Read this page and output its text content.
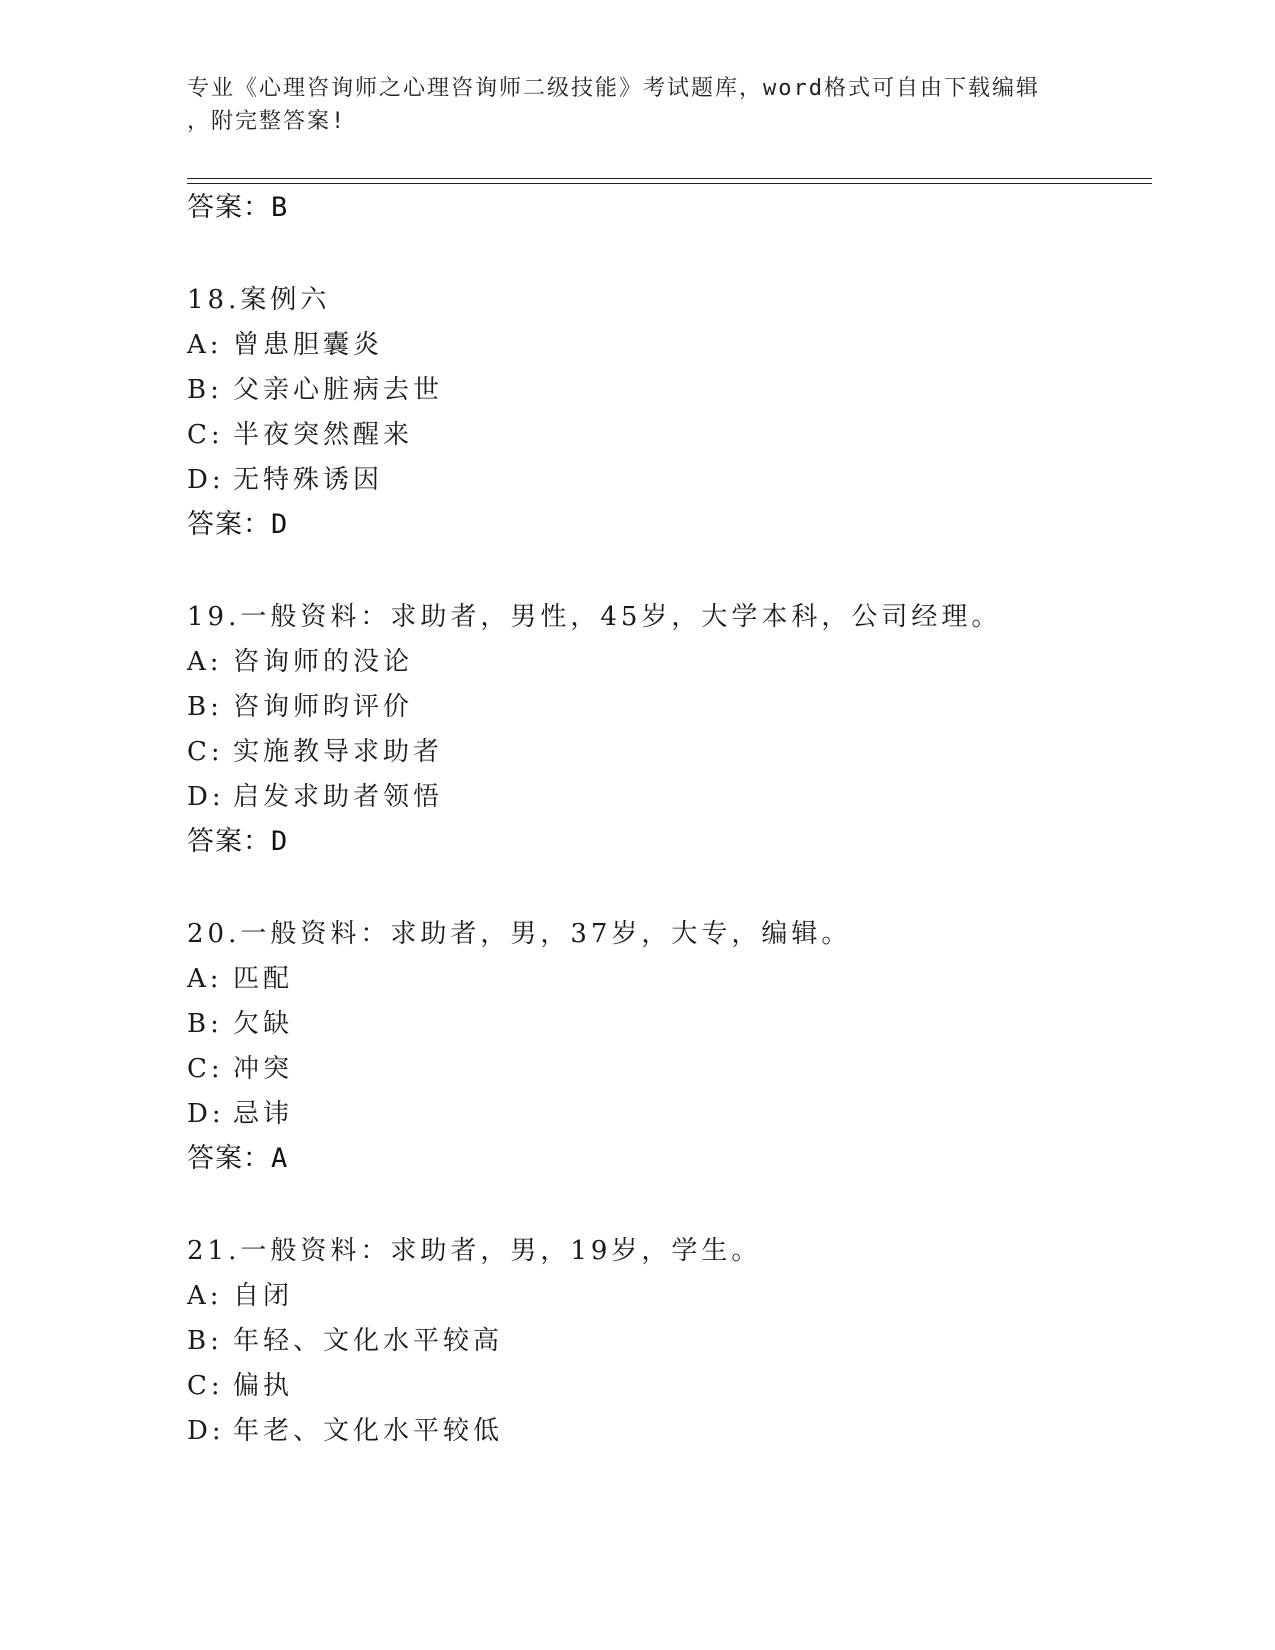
专业《心理咨询师之心理咨询师二级技能》考试题库，word格式可自由下载编辑
，附完整答案!
答案：B
18.案例六
A: 曾患胆囊炎
B: 父亲心脏病去世
C: 半夜突然醒来
D: 无特殊诱因
答案：D
19.一般资料：求助者，男性，45岁，大学本科，公司经理。
A: 咨询师的没论
B: 咨询师昀评价
C: 实施教导求助者
D: 启发求助者领悟
答案：D
20.一般资料：求助者，男，37岁，大专，编辑。
A: 匹配
B: 欠缺
C: 冲突
D: 忌讳
答案：A
21.一般资料：求助者，男，19岁，学生。
A: 自闭
B: 年轻、文化水平较高
C: 偏执
D: 年老、文化水平较低
